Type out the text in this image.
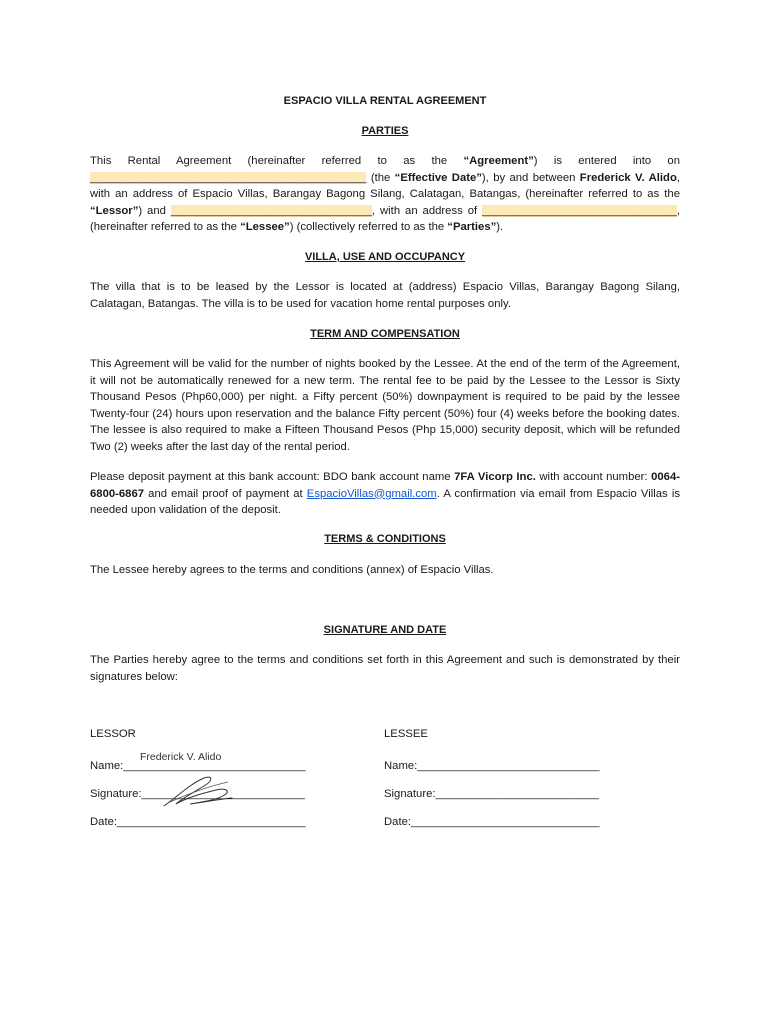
ESPACIO VILLA RENTAL AGREEMENT
PARTIES
This Rental Agreement (hereinafter referred to as the “Agreement”) is entered into on ____________________________________________ (the “Effective Date”), by and between Frederick V. Alido, with an address of Espacio Villas, Barangay Bagong Silang, Calatagan, Batangas, (hereinafter referred to as the “Lessor”) and ________________________________, with an address of _______________________________, (hereinafter referred to as the “Lessee”) (collectively referred to as the “Parties”).
VILLA, USE AND OCCUPANCY
The villa that is to be leased by the Lessor is located at (address) Espacio Villas, Barangay Bagong Silang, Calatagan, Batangas. The villa is to be used for vacation home rental purposes only.
TERM AND COMPENSATION
This Agreement will be valid for the number of nights booked by the Lessee. At the end of the term of the Agreement, it will not be automatically renewed for a new term. The rental fee to be paid by the Lessee to the Lessor is Sixty Thousand Pesos (Php60,000) per night. a Fifty percent (50%) downpayment is required to be paid by the lessee Twenty-four (24) hours upon reservation and the balance Fifty percent (50%) four (4) weeks before the booking dates. The lessee is also required to make a Fifteen Thousand Pesos (Php 15,000) security deposit, which will be refunded Two (2) weeks after the last day of the rental period.
Please deposit payment at this bank account: BDO bank account name 7FA Vicorp Inc. with account number: 0064-6800-6867 and email proof of payment at EspacioVillas@gmail.com. A confirmation via email from Espacio Villas is needed upon validation of the deposit.
TERMS & CONDITIONS
The Lessee hereby agrees to the terms and conditions (annex) of Espacio Villas.
SIGNATURE AND DATE
The Parties hereby agree to the terms and conditions set forth in this Agreement and such is demonstrated by their signatures below:
LESSOR
Frederick V. Alido
Name:_____________________________
Signature:__________________________
Date:______________________________
LESSEE
Name:_____________________________
Signature:__________________________
Date:______________________________
